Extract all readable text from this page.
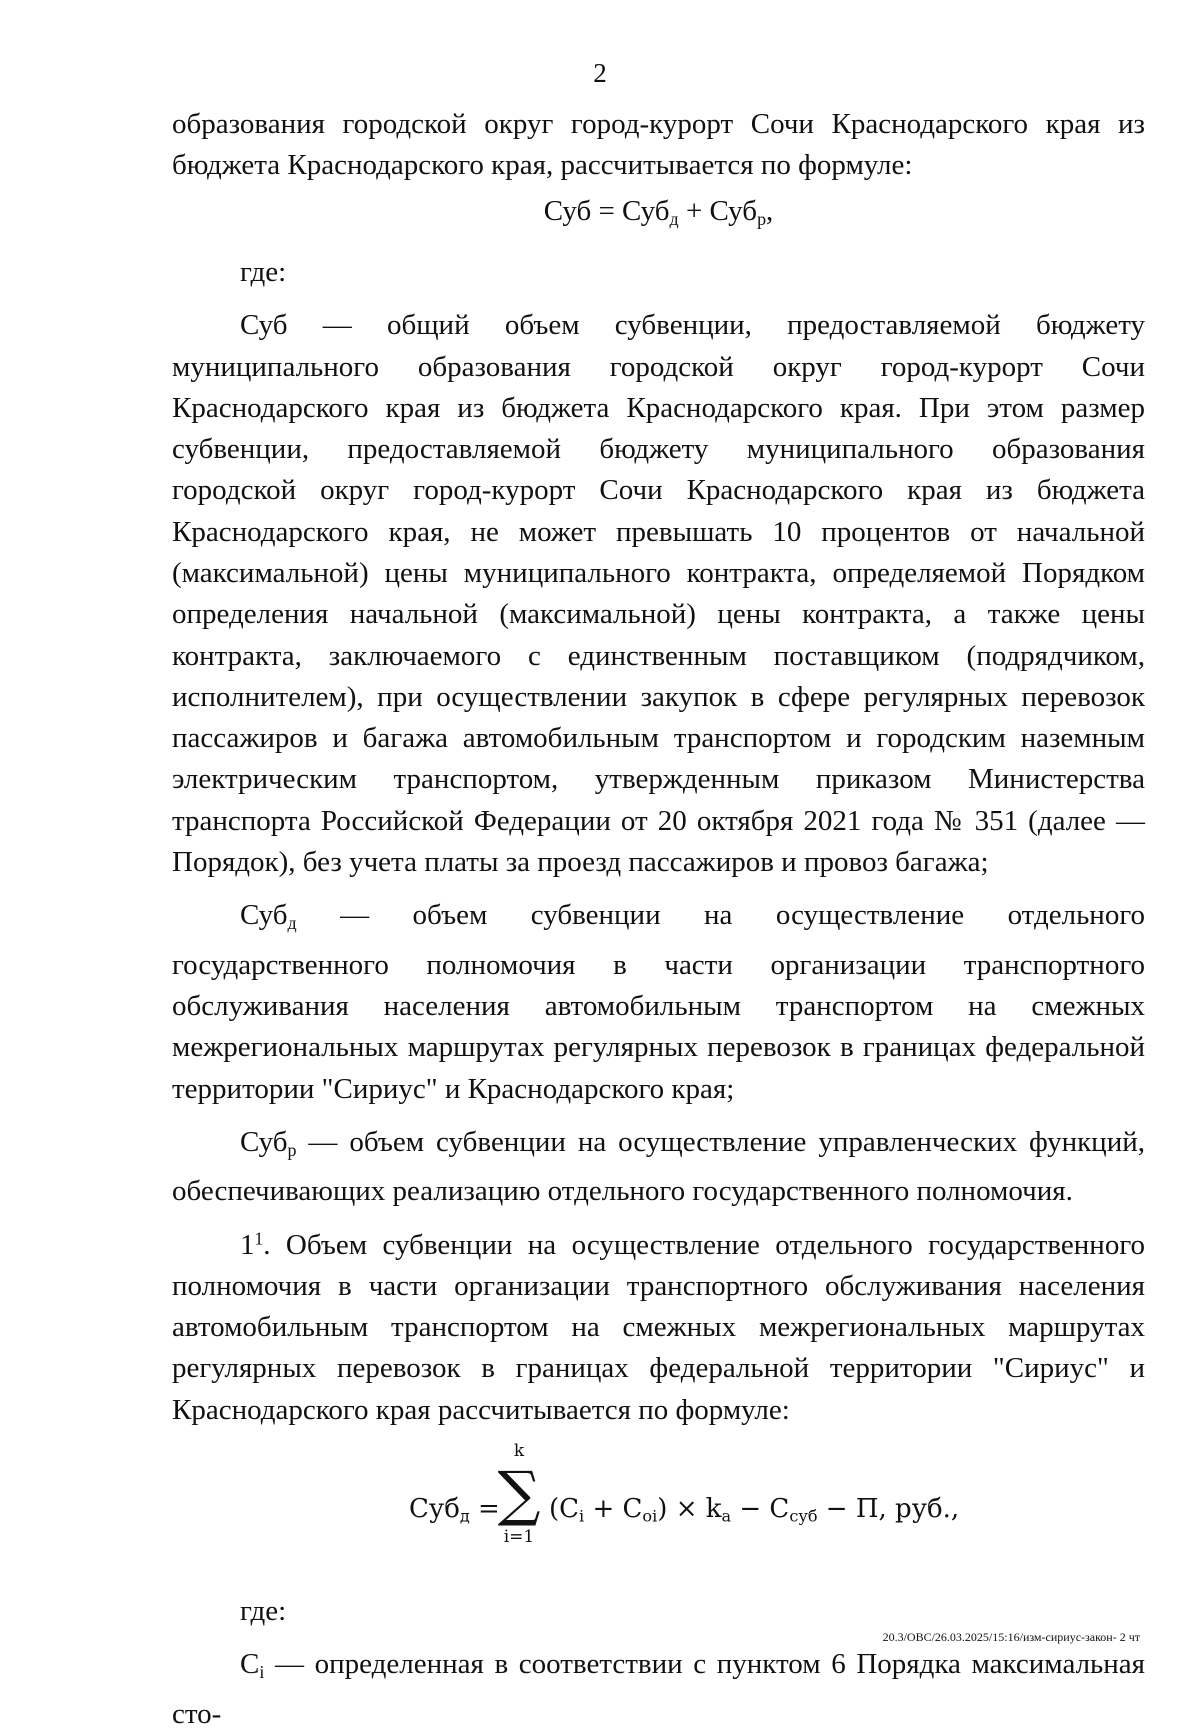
2

образования городской округ город-курорт Сочи Краснодарского края из бюджета Краснодарского края, рассчитывается по формуле:

Суб = Суб$_д$ + Суб$_р$,

где:

Суб — общий объем субвенции, предоставляемой бюджету муниципального образования городской округ город-курорт Сочи Краснодарского края из бюджета Краснодарского края. При этом размер субвенции, предоставляемой бюджету муниципального образования городской округ город-курорт Сочи Краснодарского края из бюджета Краснодарского края, не может превышать 10 процентов от начальной (максимальной) цены муниципального контракта, определяемой Порядком определения начальной (максимальной) цены контракта, а также цены контракта, заключаемого с единственным поставщиком (подрядчиком, исполнителем), при осуществлении закупок в сфере регулярных перевозок пассажиров и багажа автомобильным транспортом и городским наземным электрическим транспортом, утвержденным приказом Министерства транспорта Российской Федерации от 20 октября 2021 года № 351 (далее — Порядок), без учета платы за проезд пассажиров и провоз багажа;

Суб$_д$ — объем субвенции на осуществление отдельного государственного полномочия в части организации транспортного обслуживания населения автомобильным транспортом на смежных межрегиональных маршрутах регулярных перевозок в границах федеральной территории "Сириус" и Краснодарского края;

Суб$_р$ — объем субвенции на осуществление управленческих функций, обеспечивающих реализацию отдельного государственного полномочия.

$1^1$. Объем субвенции на осуществление отдельного государственного полномочия в части организации транспортного обслуживания населения автомобильным транспортом на смежных межрегиональных маршрутах регулярных перевозок в границах федеральной территории "Сириус" и Краснодарского края рассчитывается по формуле:

Суб$_д$ =
k
∑
i=1
$(C_i + C_{oi}) \times k_a - C_{суб} - П$, руб.,

где:

$C_i$ — определенная в соответствии с пунктом 6 Порядка максимальная сто-

20.3/ОВС/26.03.2025/15:16/изм-сириус-закон- 2 чт
